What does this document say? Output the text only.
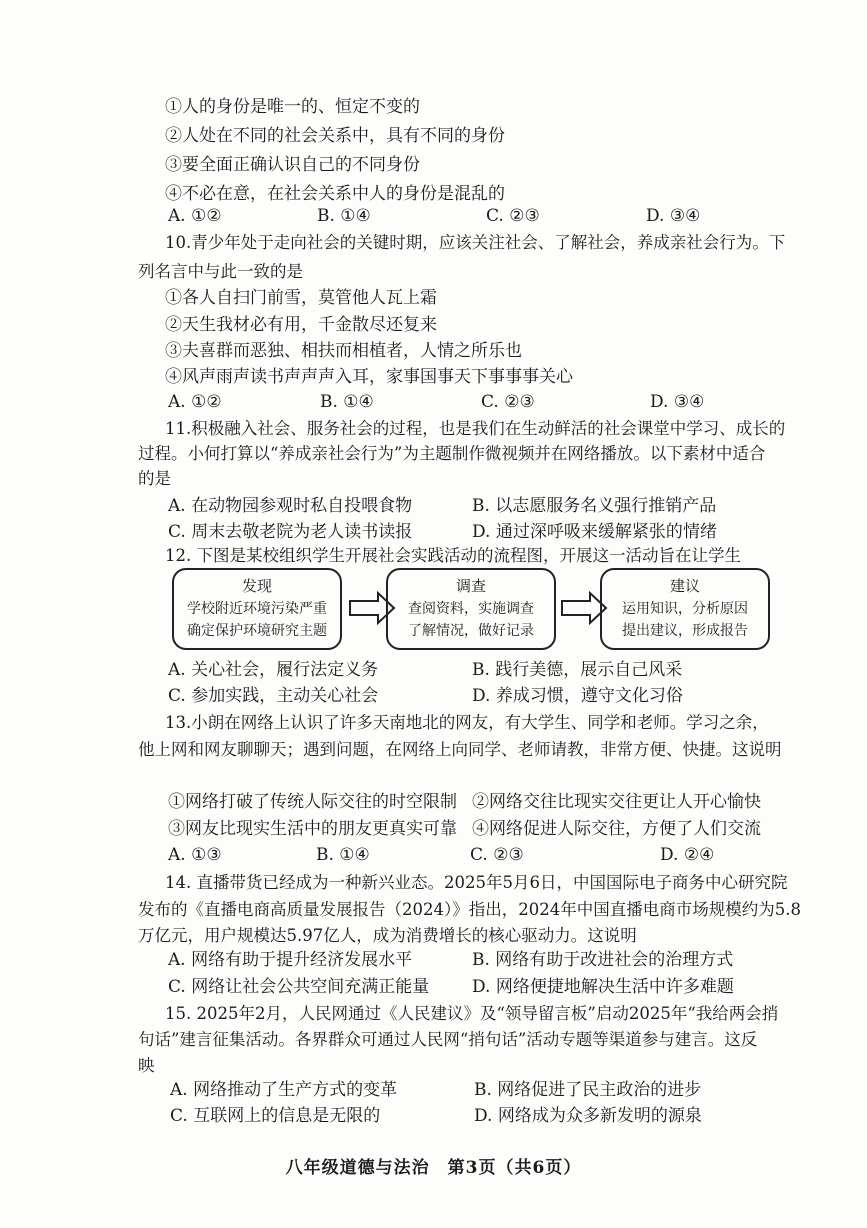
①人的身份是唯一的、恒定不变的
②人处在不同的社会关系中，具有不同的身份
③要全面正确认识自己的不同身份
④不必在意，在社会关系中人的身份是混乱的
A. ①②	B. ①④	C. ②③	D. ③④
10.青少年处于走向社会的关键时期，应该关注社会、了解社会，养成亲社会行为。下
列名言中与此一致的是
①各人自扫门前雪，莫管他人瓦上霜
②天生我材必有用，千金散尽还复来
③夫喜群而恶独、相扶而相植者，人情之所乐也
④风声雨声读书声声声入耳，家事国事天下事事事关心
A. ①②	B. ①④	C. ②③	D. ③④
11.积极融入社会、服务社会的过程，也是我们在生动鲜活的社会课堂中学习、成长的
过程。小何打算以“养成亲社会行为”为主题制作微视频并在网络播放。以下素材中适合
的是
A. 在动物园参观时私自投喂食物	B. 以志愿服务名义强行推销产品
C. 周末去敬老院为老人读书读报	D. 通过深呼吸来缓解紧张的情绪
12. 下图是某校组织学生开展社会实践活动的流程图，开展这一活动旨在让学生
发现
学校附近环境污染严重
确定保护环境研究主题
调查
查阅资料，实施调查
了解情况，做好记录
建议
运用知识，分析原因
提出建议，形成报告
A. 关心社会，履行法定义务	B. 践行美德，展示自己风采
C. 参加实践，主动关心社会	D. 养成习惯，遵守文化习俗
13.小朗在网络上认识了许多天南地北的网友，有大学生、同学和老师。学习之余，
他上网和网友聊聊天；遇到问题，在网络上向同学、老师请教，非常方便、快捷。这说明
①网络打破了传统人际交往的时空限制 ②网络交往比现实交往更让人开心愉快
③网友比现实生活中的朋友更真实可靠 ④网络促进人际交往，方便了人们交流
A. ①③	B. ①④	C. ②③	D. ②④
14. 直播带货已经成为一种新兴业态。2025年5月6日，中国国际电子商务中心研究院
发布的《直播电商高质量发展报告（2024）》指出，2024年中国直播电商市场规模约为5.8
万亿元，用户规模达5.97亿人，成为消费增长的核心驱动力。这说明
A. 网络有助于提升经济发展水平	B. 网络有助于改进社会的治理方式
C. 网络让社会公共空间充满正能量	D. 网络便捷地解决生活中许多难题
15. 2025年2月，人民网通过《人民建议》及“领导留言板”启动2025年“我给两会捎
句话”建言征集活动。各界群众可通过人民网“捎句话”活动专题等渠道参与建言。这反
映
A. 网络推动了生产方式的变革	B. 网络促进了民主政治的进步
C. 互联网上的信息是无限的	D. 网络成为众多新发明的源泉
八年级道德与法治　第3页（共6页）
